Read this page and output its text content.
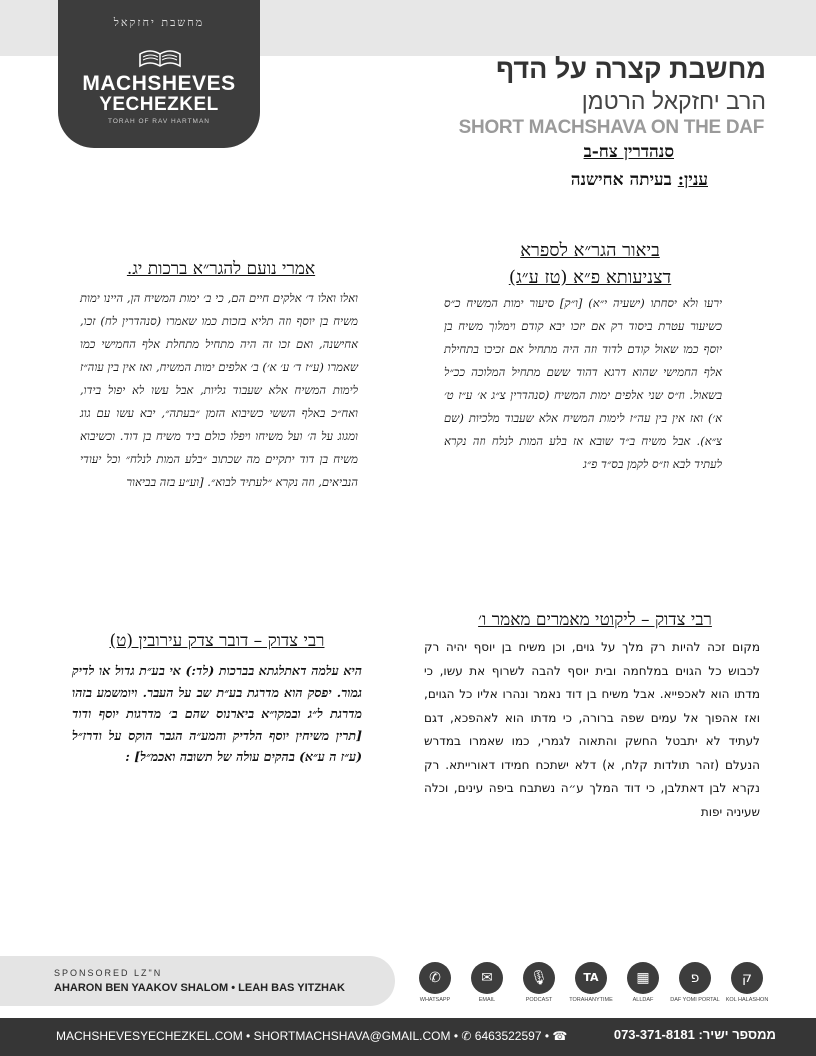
מחשבת יחזקאל
MACHSHEVES
YECHEZKEL
TORAH OF RAV HARTMAN
מחשבת קצרה על הדף
הרב יחזקאל הרטמן
SHORT MACHSHAVA ON THE DAF
סנהדרין צח-ב
ענין: בעיתה אחישנה
ביאור הגר״א לספרא
דצניעותא פ״א (טז ע״ג)
ירעו ולא יסחתו (ישעיה י״א) [ו״ק] סיעור ימות המשיח כ״ס כשיעור עטרת ביסוד רק אם יזכו יבא קודם וימלוך משיח בן יוסף כמו שאול קודם לדוד וזה היה מתחיל אם זכיכו בתחילת אלף החמישי שהוא דרגא דהוד ששם מתחיל המלוכה ככ״ל בשאול. וז״ס שני אלפים ימות המשיח (סנהדרין צ״ג א׳ ע״ז ט׳ א׳) ואז אין בין עה״ז לימות המשיח אלא שעבוד מלכיות (שם צ״א). אבל משיח ב״ד שובא אז בלע המות לנלח וזה נקרא לעתיד לבא וז״ס לקמן בס״ד פ״ג
אמרי נועם להגר״א ברכות יג.
ואלו ואלו ד׳ אלקים חיים הם, כי ב׳ ימות המשיח הן, היינו ימות משיח בן יוסף וזה תליא בזכות כמו שאמרו (סנהדרין לח) זכו, אחישנה, ואם זכו זה היה מתחיל מתחלת אלף החמישי כמו שאמרו (ע״ז ד׳ ע׳ א׳) ב׳ אלפים ימות המשיח, ואז אין בין עוה״ז לימות המשיח אלא שעבוד גליות, אבל עשו לא יפול בידו, ואח״כ באלף הששי כשיבוא הזמן ״בעתה״, יבא עשו עם גוג ומגוג על ה׳ ועל משיחו ויפלו כולם ביד משיח בן דוד. וכשיבוא משיח בן דוד יתקיים מה שכתוב ״בלע המות לנלח״ וכל יעודי הנביאים, וזה נקרא ״לעתיד לבוא״. [וע״ע בזה בביאור
רבי צדוק – ליקוטי מאמרים מאמר ו׳
מקום זכה להיות רק מלך על גוים, וכן משיח בן יוסף יהיה רק לכבוש כל הגוים במלחמה ובית יוסף להבה לשרוף את עשו, כי מדתו הוא לאכפייא. אבל משיח בן דוד נאמר ונהרו אליו כל הגוים, ואז אהפוך אל עמים שפה ברורה, כי מדתו הוא לאהפכא, דגם לעתיד לא יתבטל החשק והתאוה לגמרי, כמו שאמרו במדרש הנעלם (זהר תולדות קלח, א) דלא ישתכח חמידו דאורייתא. רק נקרא לבן דאתלבן, כי דוד המלך ע״ה נשתבח ביפה עינים, וכלה שעיניה יפות
רבי צדוק – דובר צדק עירובין (ט)
היא עלמה דאתלגתא בברכות (לד:) אי בע״ת גדול או לדיק גמור. יפסק הוא מדרגת בע״ת שב על העבר. ויומשמע בזהו מדרגת ל״ג ובמקו״א ביארנוס שהם ב׳ מדרגות יוסף ודוד [תרין משיחין יוסף הלדיק והמע״ה הגבר הוקס על ודרז״ל (ע״ז ה ע״א) בהקים עולה של תשובה ואכמ״ל] :
SPONSORED LZ"N
AHARON BEN YAAKOV SHALOM • LEAH BAS YITZHAK
✆
WHATSAPP
✉
EMAIL
🎙
PODCAST
TA
TORAHANYTIME
▦
ALLDAF
פ
DAF YOMI PORTAL
ק
KOL HALASHON
MACHSHEVESYECHEZKEL.COM • SHORTMACHSHAVA@GMAIL.COM • ✆ 6463522597 • ☎	073-371-8181 :ממספר ישיר
